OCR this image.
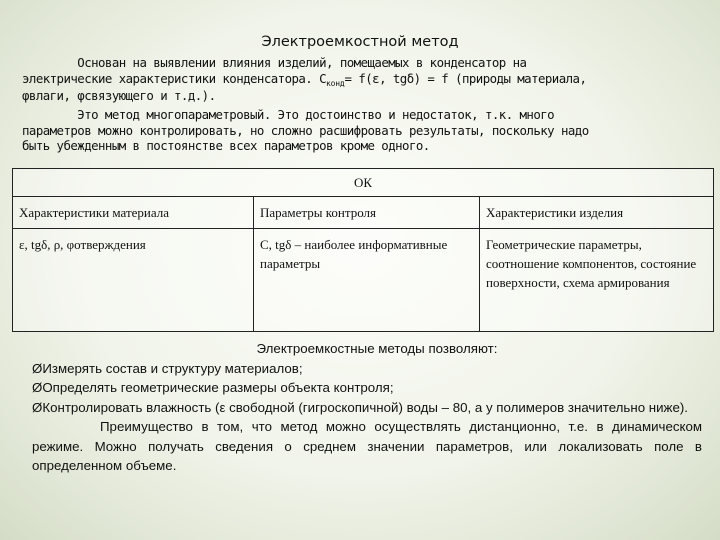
Электроемкостной метод
Основан на выявлении влияния изделий, помещаемых в конденсатор на
электрические характеристики конденсатора. $C_{конд}= f(\varepsilon$, tgδ) = f (природы материала,
φвлаги, φсвязующего и т.д.).
Это метод многопараметровый. Это достоинство и недостаток, т.к. много
параметров можно контролировать, но сложно расшифровать результаты, поскольку надо
быть убежденным в постоянстве всех параметров кроме одного.
ОК		
Характеристики материала	Параметры контроля	Характеристики изделия
ε, tgδ, ρ, φотверждения	C, tgδ – наиболее информативные параметры	Геометрические параметры, соотношение компонентов, состояние поверхности, схема армирования
Электроемкостные методы позволяют:

ØИзмерять состав и структуру материалов;

ØОпределять геометрические размеры объекта контроля;

ØКонтролировать влажность (ε свободной (гигроскопичной) воды – 80, а у полимеров значительно ниже).

Преимущество в том, что метод можно осуществлять дистанционно, т.е. в динамическом режиме. Можно получать сведения о среднем значении параметров, или локализовать поле в определенном объеме.
